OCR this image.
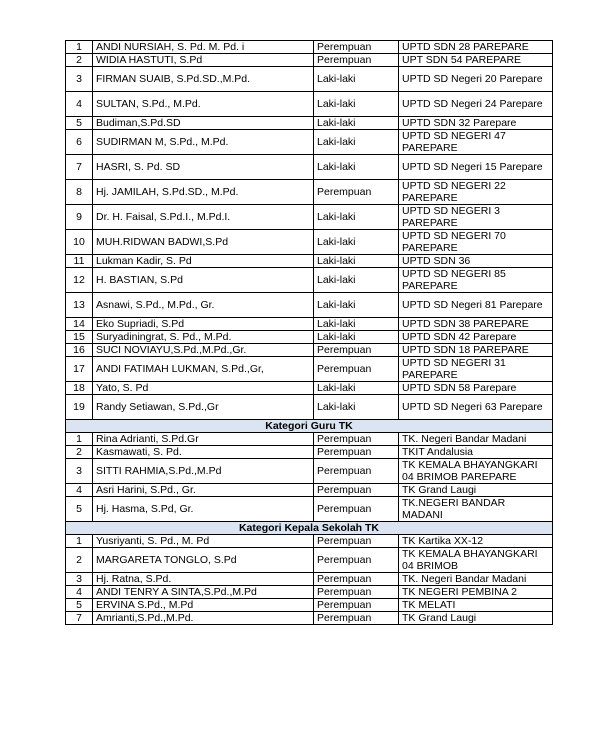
1	ANDI NURSIAH, S. Pd. M. Pd. i	Perempuan	UPTD SDN 28 PAREPARE
2	WIDIA HASTUTI, S.Pd	Perempuan	UPT SDN 54 PAREPARE
3	FIRMAN SUAIB, S.Pd.SD.,M.Pd.	Laki-laki	UPTD SD Negeri 20 Parepare
4	SULTAN, S.Pd., M.Pd.	Laki-laki	UPTD SD Negeri 24 Parepare
5	Budiman,S.Pd.SD	Laki-laki	UPTD SDN 32 Parepare
6	SUDIRMAN M, S.Pd., M.Pd.	Laki-laki	UPTD SD NEGERI 47 PAREPARE
7	HASRI, S. Pd. SD	Laki-laki	UPTD SD Negeri 15 Parepare
8	Hj. JAMILAH, S.Pd.SD., M.Pd.	Perempuan	UPTD SD NEGERI 22 PAREPARE
9	Dr. H. Faisal, S.Pd.I., M.Pd.I.	Laki-laki	UPTD SD NEGERI 3 PAREPARE
10	MUH.RIDWAN BADWI,S.Pd	Laki-laki	UPTD SD NEGERI 70 PAREPARE
11	Lukman Kadir, S. Pd	Laki-laki	UPTD SDN 36
12	H. BASTIAN, S.Pd	Laki-laki	UPTD SD NEGERI 85 PAREPARE
13	Asnawi, S.Pd., M.Pd., Gr.	Laki-laki	UPTD SD Negeri 81 Parepare
14	Eko Supriadi, S.Pd	Laki-laki	UPTD SDN 38 PAREPARE
15	Suryadiningrat, S. Pd., M.Pd.	Laki-laki	UPTD SDN 42 Parepare
16	SUCI NOVIAYU,S.Pd.,M.Pd.,Gr.	Perempuan	UPTD SDN 18 PAREPARE
17	ANDI FATIMAH LUKMAN, S.Pd.,Gr,	Perempuan	UPTD SD NEGERI 31 PAREPARE
18	Yato, S. Pd	Laki-laki	UPTD SDN 58 Parepare
19	Randy Setiawan, S.Pd.,Gr	Laki-laki	UPTD SD Negeri 63 Parepare
Kategori Guru TK			
1	Rina Adrianti, S.Pd.Gr	Perempuan	TK. Negeri Bandar Madani
2	Kasmawati, S. Pd.	Perempuan	TKIT Andalusia
3	SITTI RAHMIA,S.Pd.,M.Pd	Perempuan	TK KEMALA BHAYANGKARI 04 BRIMOB PAREPARE
4	Asri Harini, S.Pd., Gr.	Perempuan	TK Grand Laugi
5	Hj. Hasma, S.Pd, Gr.	Perempuan	TK.NEGERI BANDAR MADANI
Kategori Kepala Sekolah TK			
1	Yusriyanti, S. Pd., M. Pd	Perempuan	TK Kartika XX-12
2	MARGARETA TONGLO, S.Pd	Perempuan	TK KEMALA BHAYANGKARI 04 BRIMOB
3	Hj. Ratna, S.Pd.	Perempuan	TK. Negeri Bandar Madani
4	ANDI TENRY A SINTA,S.Pd.,M.Pd	Perempuan	TK NEGERI PEMBINA 2
5	ERVINA S.Pd., M.Pd	Perempuan	TK MELATI
7	Amrianti,S.Pd.,M.Pd.	Perempuan	TK Grand Laugi
